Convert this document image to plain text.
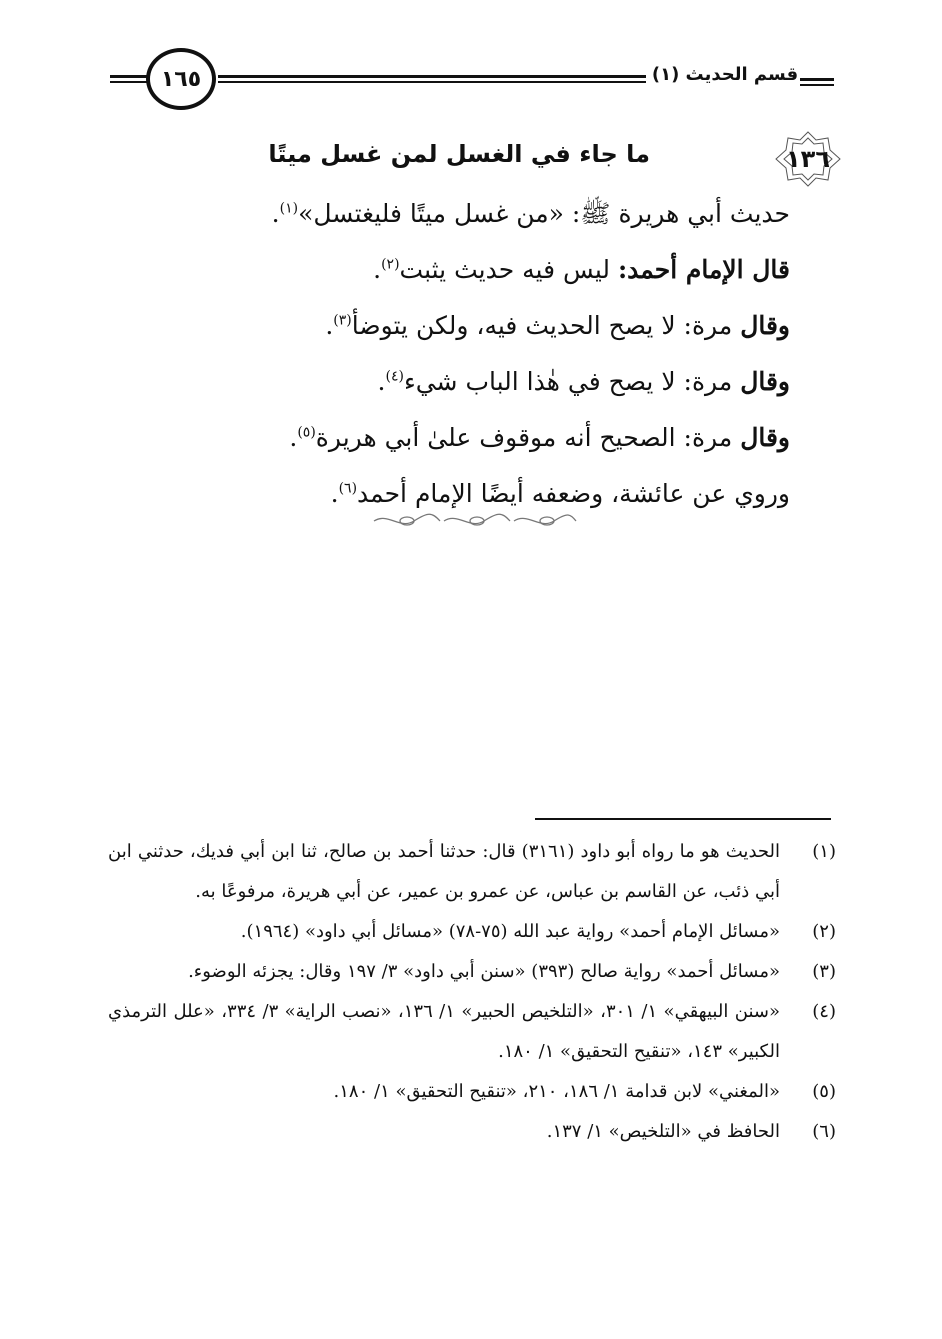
١٦٥	قسم الحديث (١)
١٣٦
ما جاء في الغسل لمن غسل ميتًا
حديث أبي هريرة ﷺ: «من غسل ميتًا فليغتسل»$^{(١)}$.
قال الإمام أحمد: ليس فيه حديث يثبت$^{(٢)}$.
وقال مرة: لا يصح الحديث فيه، ولكن يتوضأ$^{(٣)}$.
وقال مرة: لا يصح في هٰذا الباب شيء$^{(٤)}$.
وقال مرة: الصحيح أنه موقوف علىٰ أبي هريرة$^{(٥)}$.
وروي عن عائشة، وضعفه أيضًا الإمام أحمد$^{(٦)}$.
(١)
الحديث هو ما رواه أبو داود (٣١٦١) قال: حدثنا أحمد بن صالح، ثنا ابن أبي فديك، حدثني ابن أبي ذئب، عن القاسم بن عباس، عن عمرو بن عمير، عن أبي هريرة، مرفوعًا به.
(٢)
«مسائل الإمام أحمد» رواية عبد الله (٧٥-٧٨) «مسائل أبي داود» (١٩٦٤).
(٣)
«مسائل أحمد» رواية صالح (٣٩٣) «سنن أبي داود» ٣/ ١٩٧ وقال: يجزئه الوضوء.
(٤)
«سنن البيهقي» ١/ ٣٠١، «التلخيص الحبير» ١/ ١٣٦، «نصب الراية» ٣/ ٣٣٤، «علل الترمذي الكبير» ١٤٣، «تنقيح التحقيق» ١/ ١٨٠.
(٥)
«المغني» لابن قدامة ١/ ١٨٦، ٢١٠، «تنقيح التحقيق» ١/ ١٨٠.
(٦)
الحافظ في «التلخيص» ١/ ١٣٧.
